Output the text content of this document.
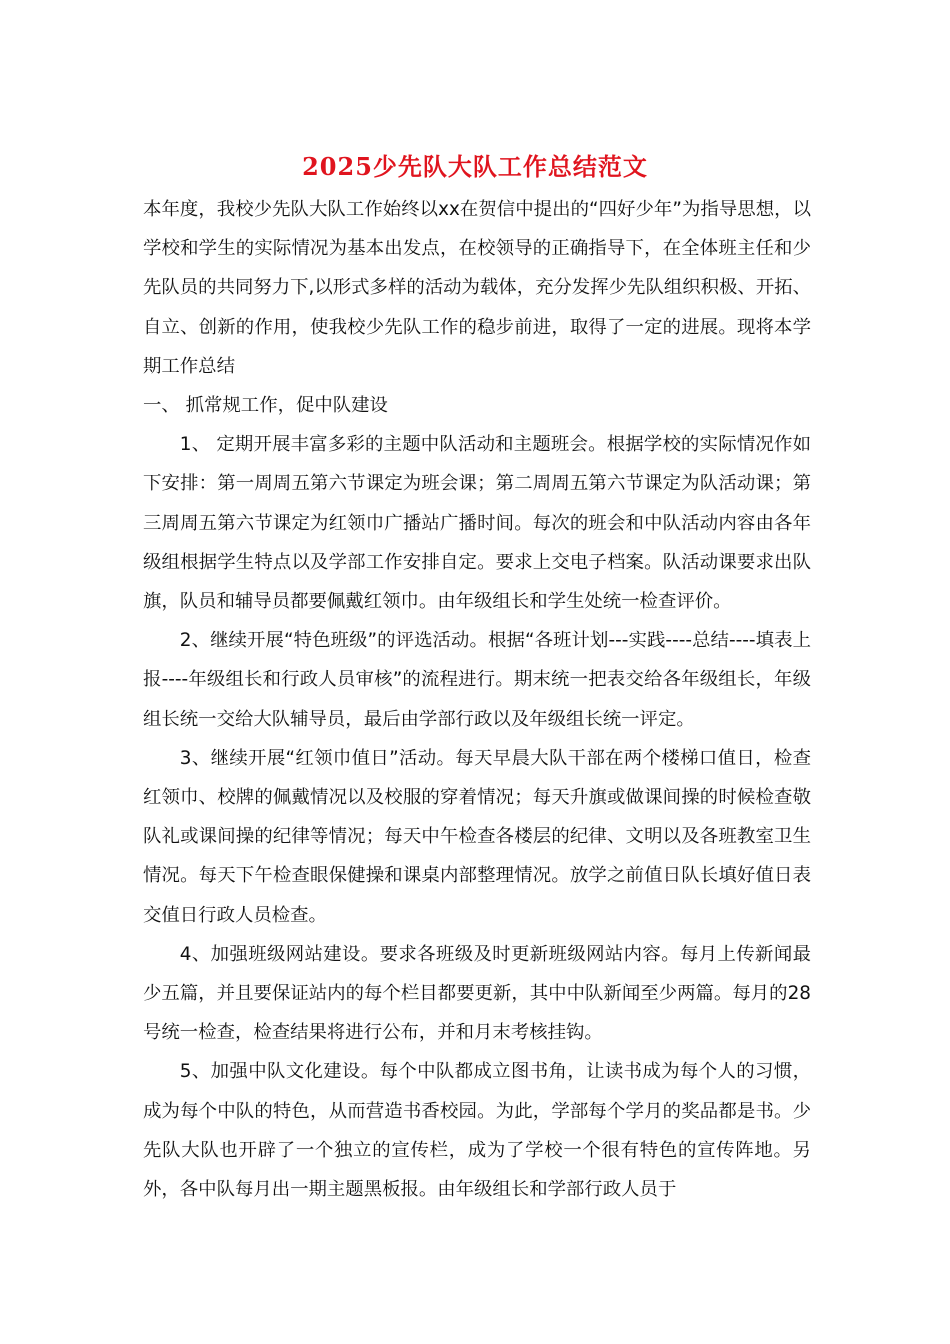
2025少先队大队工作总结范文

本年度，我校少先队大队工作始终以xx在贺信中提出的“四好少年”为指导思想，以学校和学生的实际情况为基本出发点，在校领导的正确指导下，在全体班主任和少先队员的共同努力下,以形式多样的活动为载体，充分发挥少先队组织积极、开拓、自立、创新的作用，使我校少先队工作的稳步前进，取得了一定的进展。现将本学期工作总结

一、 抓常规工作，促中队建设

1、 定期开展丰富多彩的主题中队活动和主题班会。根据学校的实际情况作如下安排：第一周周五第六节课定为班会课；第二周周五第六节课定为队活动课；第三周周五第六节课定为红领巾广播站广播时间。每次的班会和中队活动内容由各年级组根据学生特点以及学部工作安排自定。要求上交电子档案。队活动课要求出队旗，队员和辅导员都要佩戴红领巾。由年级组长和学生处统一检查评价。

2、继续开展“特色班级”的评选活动。根据“各班计划---实践----总结----填表上报----年级组长和行政人员审核”的流程进行。期末统一把表交给各年级组长，年级组长统一交给大队辅导员，最后由学部行政以及年级组长统一评定。

3、继续开展“红领巾值日”活动。每天早晨大队干部在两个楼梯口值日，检查红领巾、校牌的佩戴情况以及校服的穿着情况；每天升旗或做课间操的时候检查敬队礼或课间操的纪律等情况；每天中午检查各楼层的纪律、文明以及各班教室卫生情况。每天下午检查眼保健操和课桌内部整理情况。放学之前值日队长填好值日表交值日行政人员检查。

4、加强班级网站建设。要求各班级及时更新班级网站内容。每月上传新闻最少五篇，并且要保证站内的每个栏目都要更新，其中中队新闻至少两篇。每月的28号统一检查，检查结果将进行公布，并和月末考核挂钩。

5、加强中队文化建设。每个中队都成立图书角，让读书成为每个人的习惯，成为每个中队的特色，从而营造书香校园。为此，学部每个学月的奖品都是书。少先队大队也开辟了一个独立的宣传栏，成为了学校一个很有特色的宣传阵地。另外，各中队每月出一期主题黑板报。由年级组长和学部行政人员于
